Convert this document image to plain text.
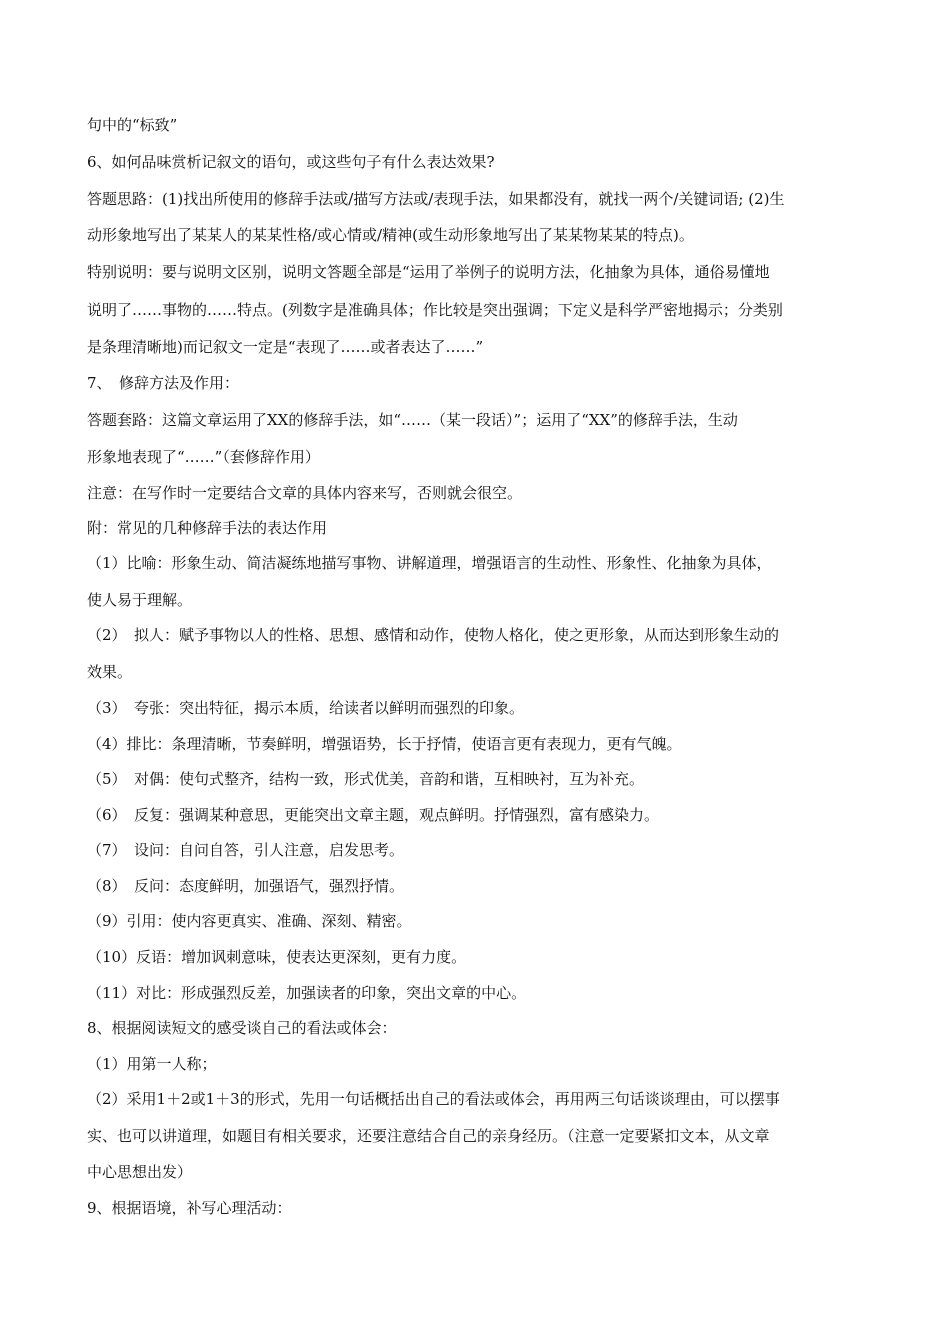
句中的“标致”
6、如何品味赏析记叙文的语句，或这些句子有什么表达效果?
答题思路：(1)找出所使用的修辞手法或/描写方法或/表现手法，如果都没有，就找一两个/关键词语; (2)生
动形象地写出了某某人的某某性格/或心情或/精神(或生动形象地写出了某某物某某的特点)。
特别说明：要与说明文区别，说明文答题全部是“运用了举例子的说明方法，化抽象为具体，通俗易懂地
说明了……事物的……特点。(列数字是准确具体；作比较是突出强调；下定义是科学严密地揭示；分类别
是条理清晰地)而记叙文一定是“表现了……或者表达了……”
7、　修辞方法及作用：
答题套路：这篇文章运用了XX的修辞手法，如“……（某一段话）”；运用了“XX”的修辞手法，生动
形象地表现了“……”（套修辞作用）
注意：在写作时一定要结合文章的具体内容来写，否则就会很空。
附：常见的几种修辞手法的表达作用
（1）比喻：形象生动、简洁凝练地描写事物、讲解道理，增强语言的生动性、形象性、化抽象为具体，
使人易于理解。
（2）　拟人：赋予事物以人的性格、思想、感情和动作，使物人格化，使之更形象，从而达到形象生动的
效果。
（3）　夸张：突出特征，揭示本质，给读者以鲜明而强烈的印象。
（4）排比：条理清晰，节奏鲜明，增强语势，长于抒情，使语言更有表现力，更有气魄。
（5）　对偶：使句式整齐，结构一致，形式优美，音韵和谐，互相映衬，互为补充。
（6）　反复：强调某种意思，更能突出文章主题，观点鲜明。抒情强烈，富有感染力。
（7）　设问：自问自答，引人注意，启发思考。
（8）　反问：态度鲜明，加强语气，强烈抒情。
（9）引用：使内容更真实、准确、深刻、精密。
（10）反语：增加讽刺意味，使表达更深刻，更有力度。
（11）对比：形成强烈反差，加强读者的印象，突出文章的中心。
8、根据阅读短文的感受谈自己的看法或体会：
（1）用第一人称；
（2）采用1＋2或1＋3的形式，先用一句话概括出自己的看法或体会，再用两三句话谈谈理由，可以摆事
实、也可以讲道理，如题目有相关要求，还要注意结合自己的亲身经历。（注意一定要紧扣文本，从文章
中心思想出发）
9、根据语境，补写心理活动：
